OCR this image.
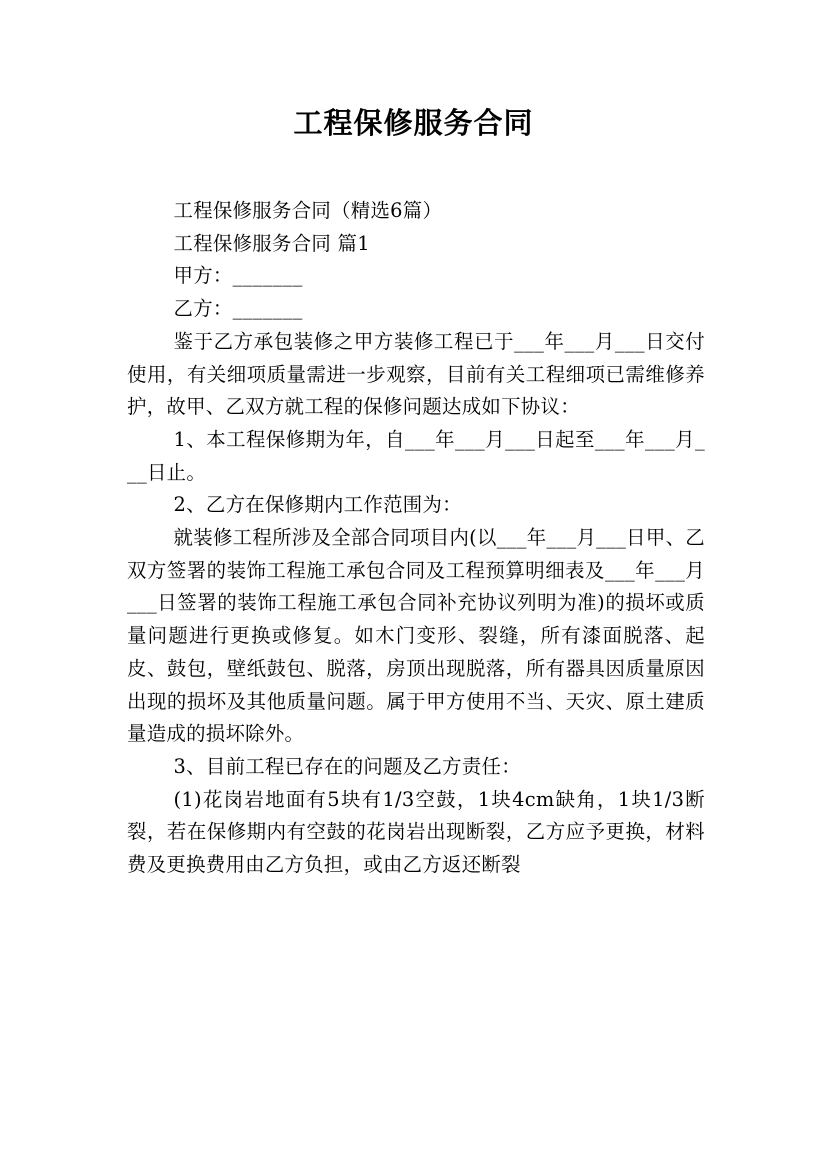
工程保修服务合同

工程保修服务合同（精选6篇）

工程保修服务合同 篇1

甲方：_______

乙方：_______

鉴于乙方承包装修之甲方装修工程已于___年___月___日交付使用，有关细项质量需进一步观察，目前有关工程细项已需维修养护，故甲、乙双方就工程的保修问题达成如下协议：

1、本工程保修期为年，自___年___月___日起至___年___月___日止。

2、乙方在保修期内工作范围为：

就装修工程所涉及全部合同项目内(以___年___月___日甲、乙双方签署的装饰工程施工承包合同及工程预算明细表及___年___月___日签署的装饰工程施工承包合同补充协议列明为准)的损坏或质量问题进行更换或修复。如木门变形、裂缝，所有漆面脱落、起皮、鼓包，壁纸鼓包、脱落，房顶出现脱落，所有器具因质量原因出现的损坏及其他质量问题。属于甲方使用不当、天灾、原土建质量造成的损坏除外。

3、目前工程已存在的问题及乙方责任：

(1)花岗岩地面有5块有1/3空鼓，1块4cm缺角，1块1/3断裂，若在保修期内有空鼓的花岗岩出现断裂，乙方应予更换，材料费及更换费用由乙方负担，或由乙方返还断裂
